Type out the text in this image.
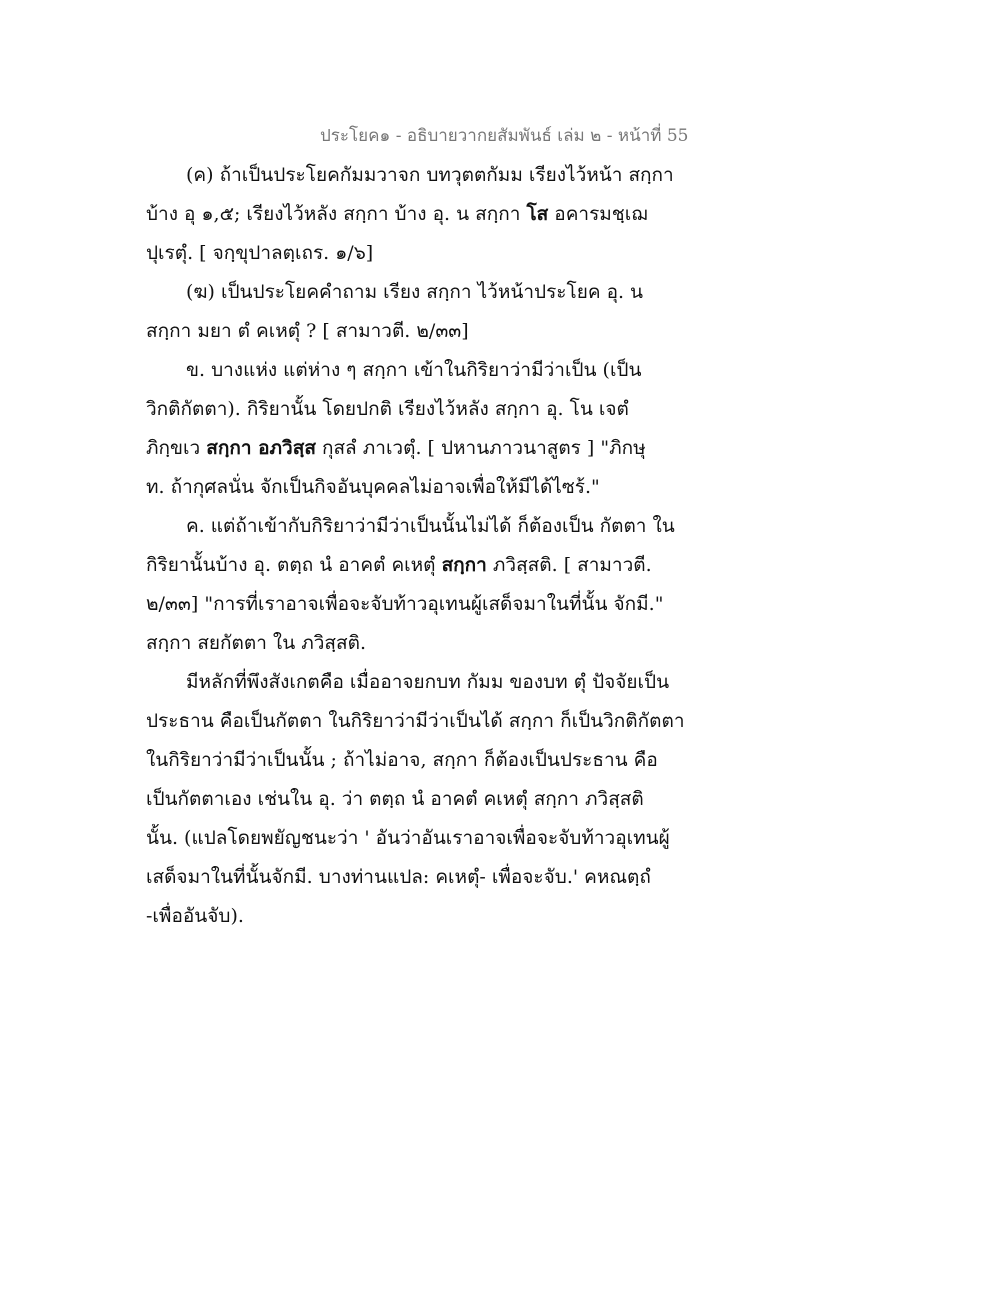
ประโยค๑ - อธิบายวากยสัมพันธ์ เล่ม ๒ - หน้าที่ 55
(ค) ถ้าเป็นประโยคกัมมวาจก บทวุตตกัมม เรียงไว้หน้า สกฺกา
บ้าง อุ ๑,๕; เรียงไว้หลัง สกฺกา บ้าง อุ. น สกฺกา โส อคารมชฺเฌ
ปุเรตุํ. [ จกฺขุปาลตฺเถร. ๑/๖]
(ฆ) เป็นประโยคคำถาม เรียง สกฺกา ไว้หน้าประโยค อุ. น
สกฺกา มยา ตํ คเหตุํ ? [ สามาวตี. ๒/๓๓]
ข. บางแห่ง แต่ห่าง ๆ สกฺกา เข้าในกิริยาว่ามีว่าเป็น (เป็น
วิกติกัตตา). กิริยานั้น โดยปกติ เรียงไว้หลัง สกฺกา อุ. โน เจตํ
ภิกฺขเว สกฺกา อภวิสฺส กุสลํ ภาเวตุํ. [ ปหานภาวนาสูตร ] "ภิกษุ
ท. ถ้ากุศลนั่น จักเป็นกิจอันบุคคลไม่อาจเพื่อให้มีได้ไซร้."
ค. แต่ถ้าเข้ากับกิริยาว่ามีว่าเป็นนั้นไม่ได้ ก็ต้องเป็น กัตตา ใน
กิริยานั้นบ้าง อุ. ตตฺถ นํ อาคตํ คเหตุํ สกฺกา ภวิสฺสติ. [ สามาวตี.
๒/๓๓] "การที่เราอาจเพื่อจะจับท้าวอุเทนผู้เสด็จมาในที่นั้น จักมี."
สกฺกา สยกัตตา ใน ภวิสฺสติ.
มีหลักที่พึงสังเกตคือ เมื่ออาจยกบท กัมม ของบท ตุํ ปัจจัยเป็น
ประธาน คือเป็นกัตตา ในกิริยาว่ามีว่าเป็นได้ สกฺกา ก็เป็นวิกติกัตตา
ในกิริยาว่ามีว่าเป็นนั้น ; ถ้าไม่อาจ, สกฺกา ก็ต้องเป็นประธาน คือ
เป็นกัตตาเอง เช่นใน อุ. ว่า ตตฺถ นํ อาคตํ คเหตุํ สกฺกา ภวิสฺสติ
นั้น. (แปลโดยพยัญชนะว่า ' อันว่าอันเราอาจเพื่อจะจับท้าวอุเทนผู้
เสด็จมาในที่นั้นจักมี. บางท่านแปล: คเหตุํ- เพื่อจะจับ.' คหณตฺถํ
-เพื่ออันจับ).
